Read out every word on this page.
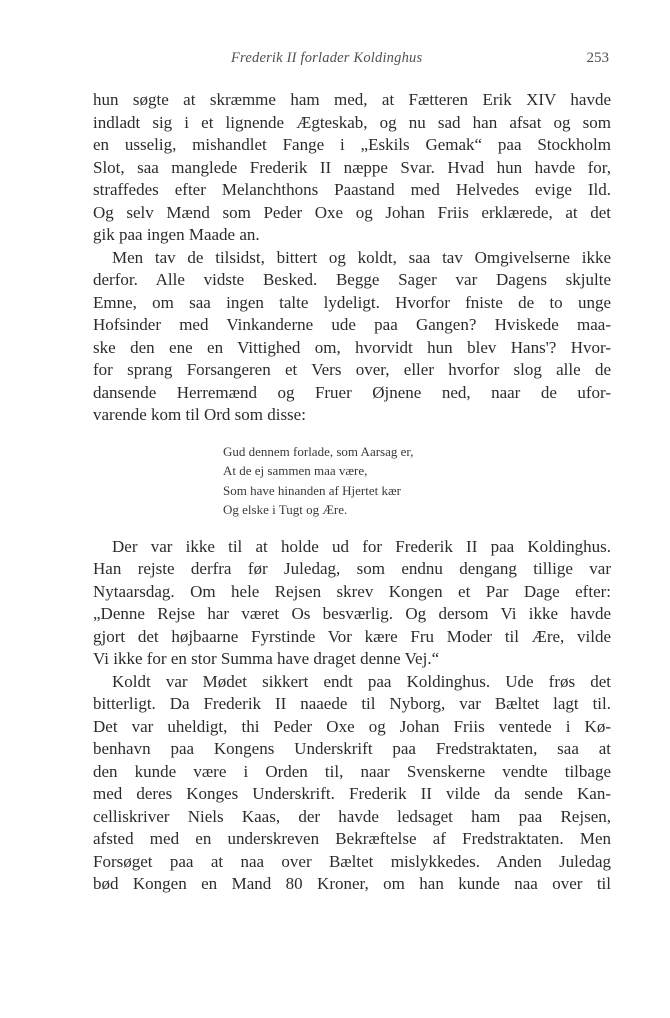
Frederik II forlader Koldinghus	253

hun søgte at skræmme ham med, at Fætteren Erik XIV havde
indladt sig i et lignende Ægteskab, og nu sad han afsat og som
en usselig, mishandlet Fange i „Eskils Gemak“ paa Stockholm
Slot, saa manglede Frederik II næppe Svar. Hvad hun havde for,
straffedes efter Melanchthons Paastand med Helvedes evige Ild.
Og selv Mænd som Peder Oxe og Johan Friis erklærede, at det
gik paa ingen Maade an.

Men tav de tilsidst, bittert og koldt, saa tav Omgivelserne ikke
derfor. Alle vidste Besked. Begge Sager var Dagens skjulte
Emne, om saa ingen talte lydeligt. Hvorfor fniste de to unge
Hofsinder med Vinkanderne ude paa Gangen? Hviskede maa-
ske den ene en Vittighed om, hvorvidt hun blev Hans'? Hvor-
for sprang Forsangeren et Vers over, eller hvorfor slog alle de
dansende Herremænd og Fruer Øjnene ned, naar de ufor-
varende kom til Ord som disse:

Gud dennem forlade, som Aarsag er,
At de ej sammen maa være,
Som have hinanden af Hjertet kær
Og elske i Tugt og Ære.

Der var ikke til at holde ud for Frederik II paa Koldinghus.
Han rejste derfra før Juledag, som endnu dengang tillige var
Nytaarsdag. Om hele Rejsen skrev Kongen et Par Dage efter:
„Denne Rejse har været Os besværlig. Og dersom Vi ikke havde
gjort det højbaarne Fyrstinde Vor kære Fru Moder til Ære, vilde
Vi ikke for en stor Summa have draget denne Vej.“

Koldt var Mødet sikkert endt paa Koldinghus. Ude frøs det
bitterligt. Da Frederik II naaede til Nyborg, var Bæltet lagt til.
Det var uheldigt, thi Peder Oxe og Johan Friis ventede i Kø-
benhavn paa Kongens Underskrift paa Fredstraktaten, saa at
den kunde være i Orden til, naar Svenskerne vendte tilbage
med deres Konges Underskrift. Frederik II vilde da sende Kan-
celliskriver Niels Kaas, der havde ledsaget ham paa Rejsen,
afsted med en underskreven Bekræftelse af Fredstraktaten. Men
Forsøget paa at naa over Bæltet mislykkedes. Anden Juledag
bød Kongen en Mand 80 Kroner, om han kunde naa over til
